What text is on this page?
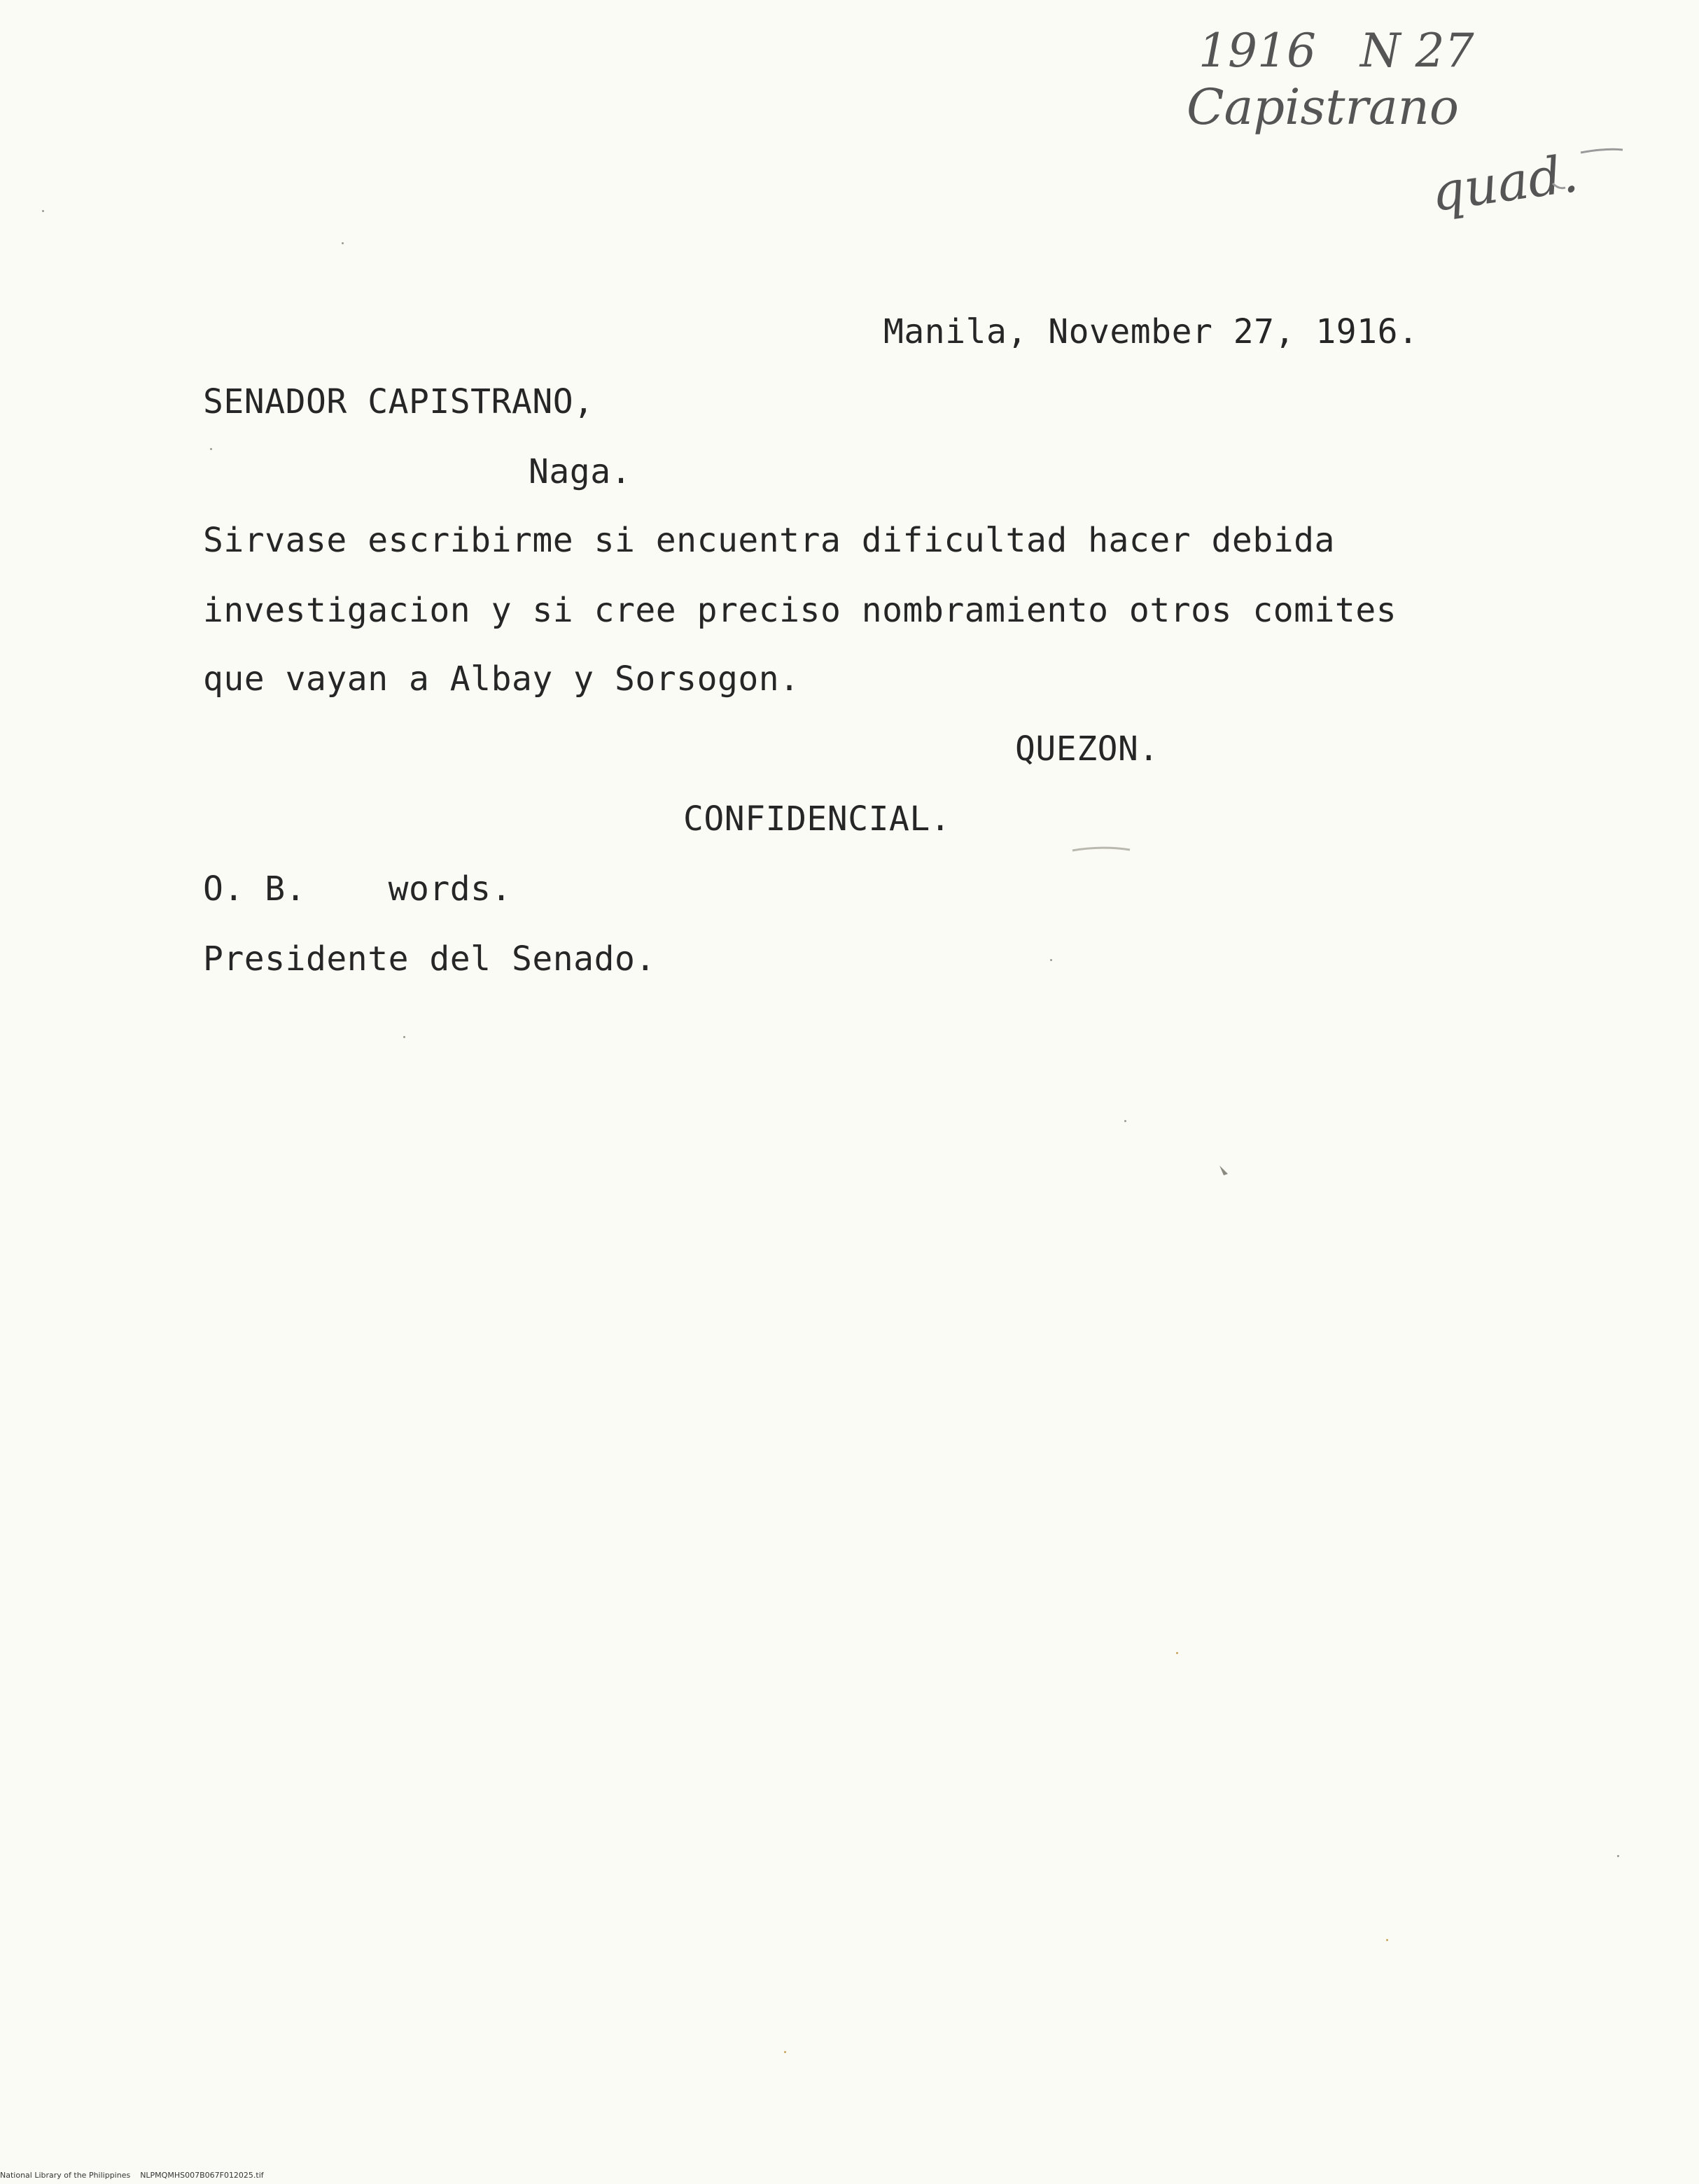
1916   N 27

Capistrano

quad.

Manila, November 27, 1916.

SENADOR CAPISTRANO,

Naga.

Sirvase escribirme si encuentra dificultad hacer debida

investigacion y si cree preciso nombramiento otros comites

que vayan a Albay y Sorsogon.

QUEZON.

CONFIDENCIAL.

O. B.    words.

Presidente del Senado.

National Library of the Philippines    NLPMQMHS007B067F012025.tif
